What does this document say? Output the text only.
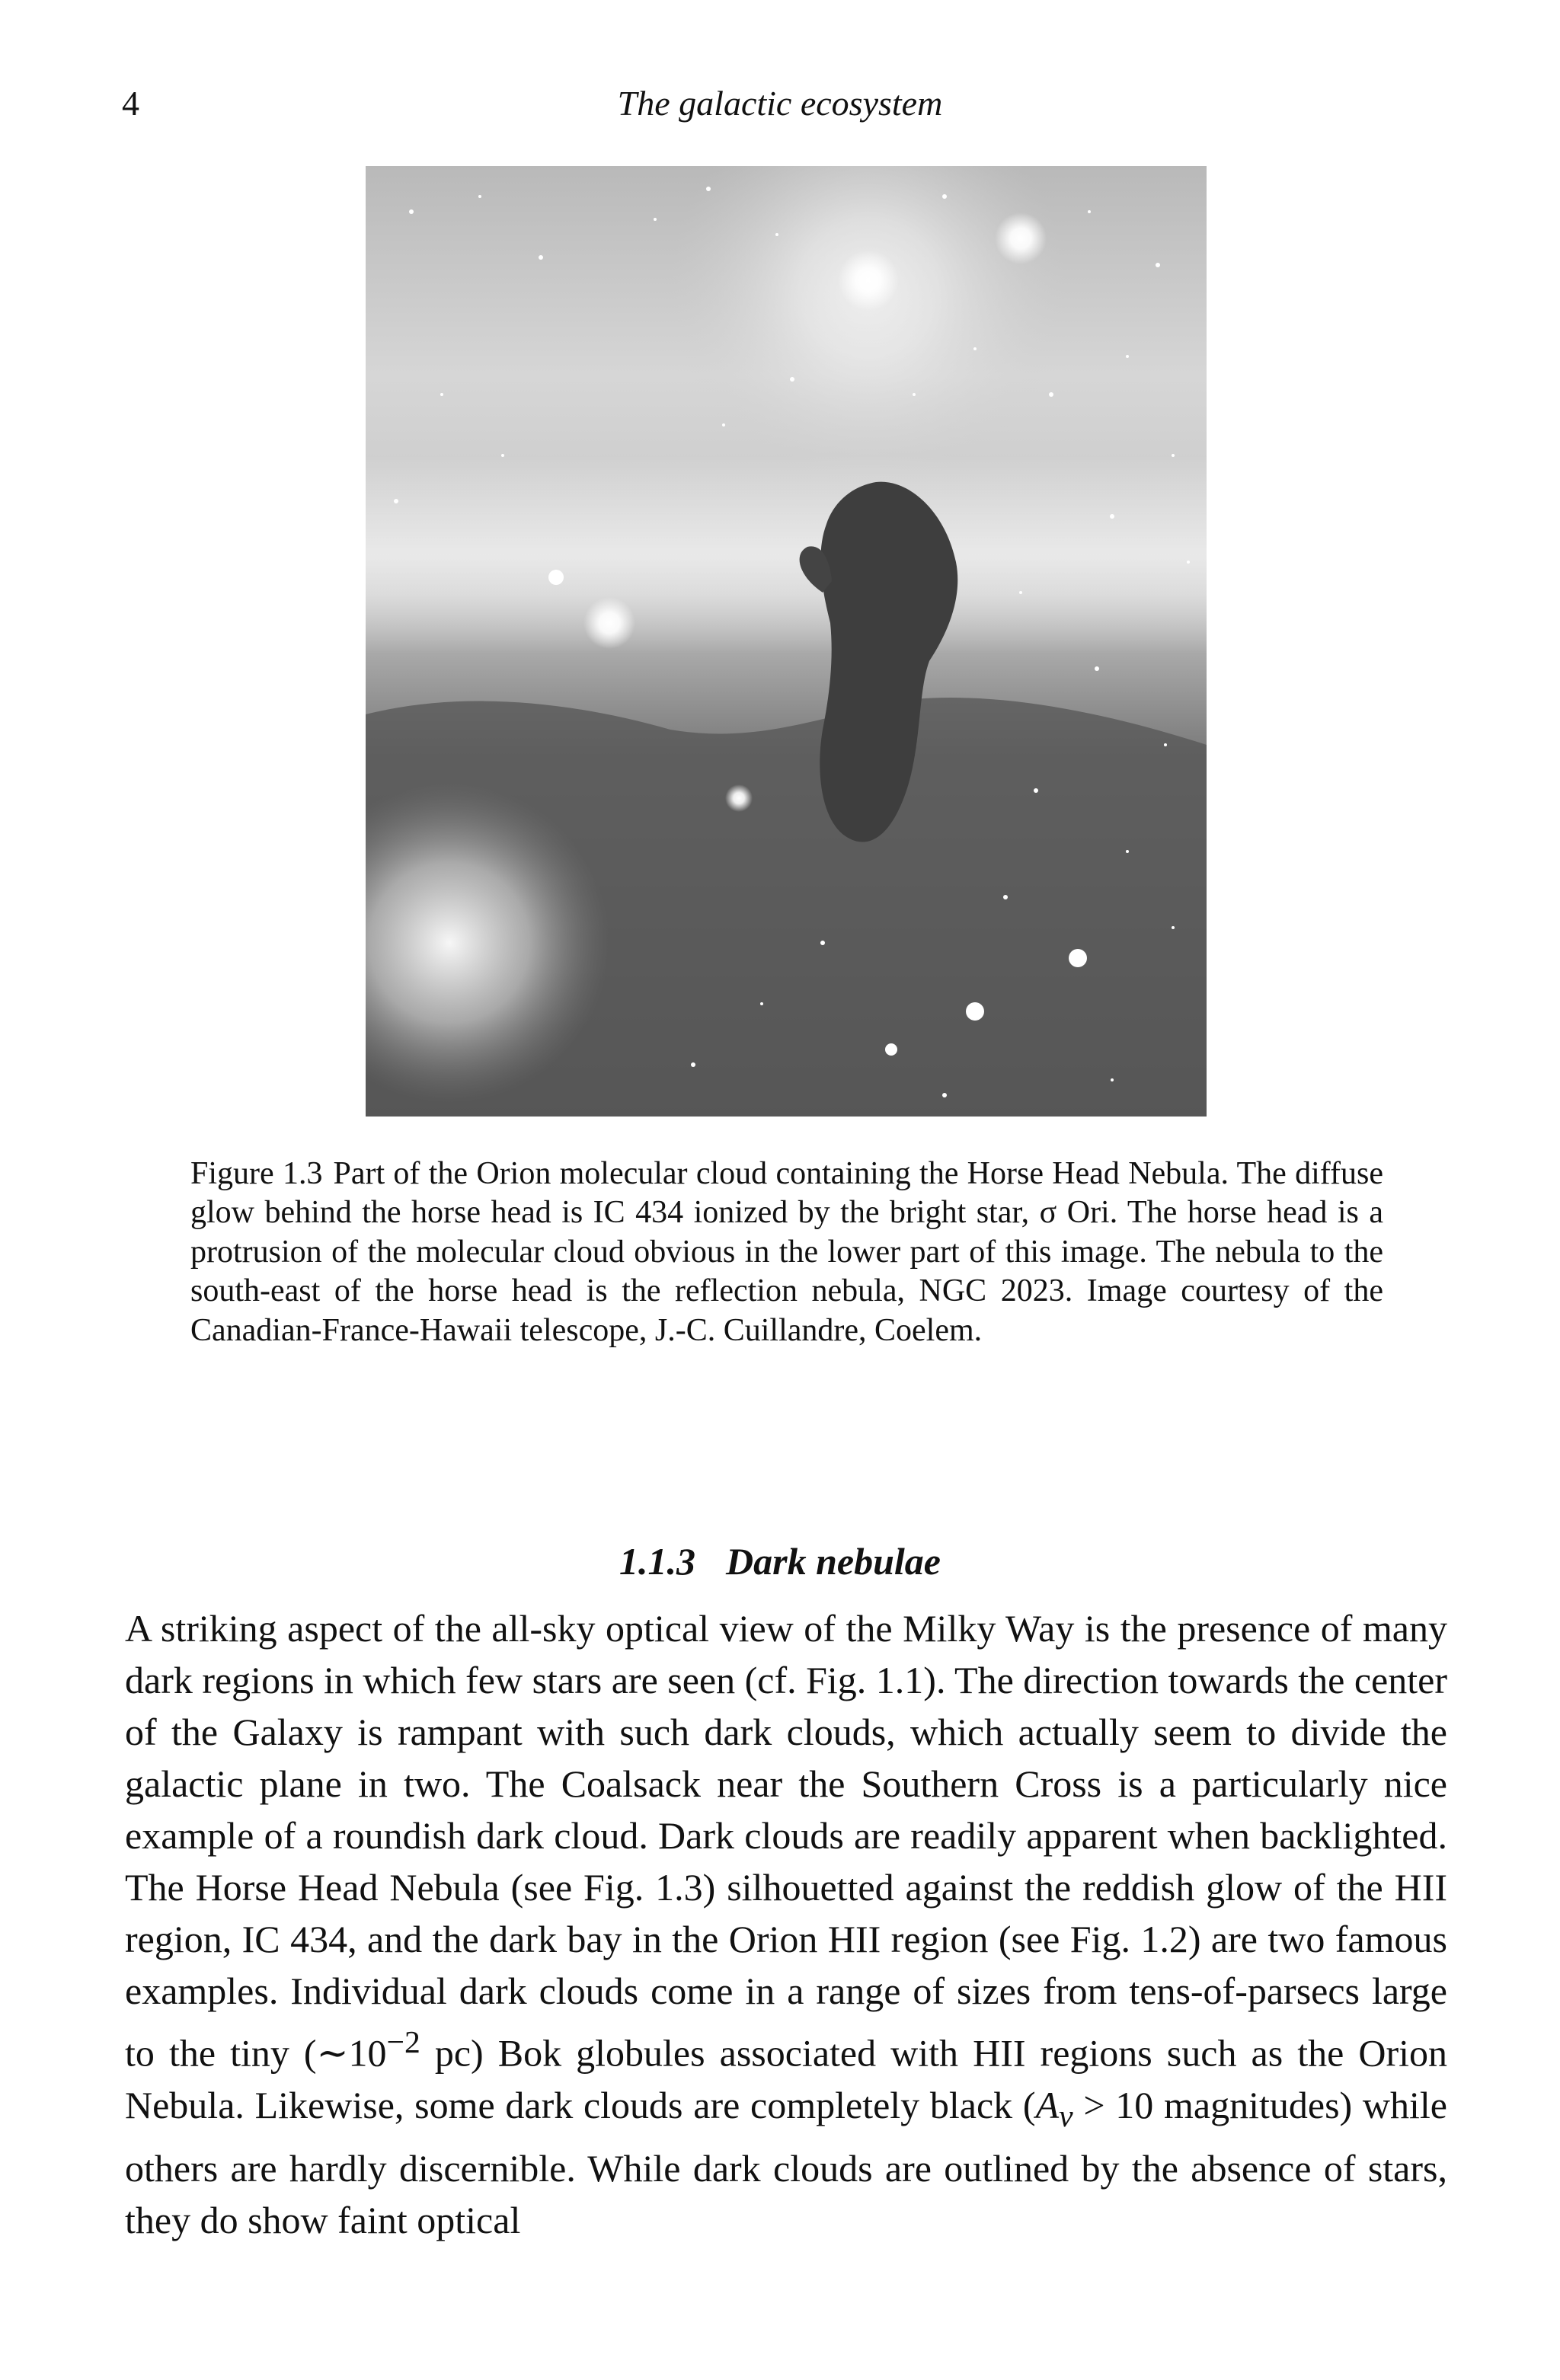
4	The galactic ecosystem
Figure 1.3 Part of the Orion molecular cloud containing the Horse Head Nebula. The diffuse glow behind the horse head is IC 434 ionized by the bright star, σ Ori. The horse head is a protrusion of the molecular cloud obvious in the lower part of this image. The nebula to the south-east of the horse head is the reflection nebula, NGC 2023. Image courtesy of the Canadian-France-Hawaii telescope, J.-C. Cuillandre, Coelem.
1.1.3 Dark nebulae

A striking aspect of the all-sky optical view of the Milky Way is the presence of many dark regions in which few stars are seen (cf. Fig. 1.1). The direction towards the center of the Galaxy is rampant with such dark clouds, which actually seem to divide the galactic plane in two. The Coalsack near the Southern Cross is a particularly nice example of a roundish dark cloud. Dark clouds are readily apparent when backlighted. The Horse Head Nebula (see Fig. 1.3) silhouetted against the reddish glow of the HII region, IC 434, and the dark bay in the Orion HII region (see Fig. 1.2) are two famous examples. Individual dark clouds come in a range of sizes from tens-of-parsecs large to the tiny ($\sim 10^{-2}$ pc) Bok globules associated with HII regions such as the Orion Nebula. Likewise, some dark clouds are completely black ($A_v > 10$ magnitudes) while others are hardly discernible. While dark clouds are outlined by the absence of stars, they do show faint optical
